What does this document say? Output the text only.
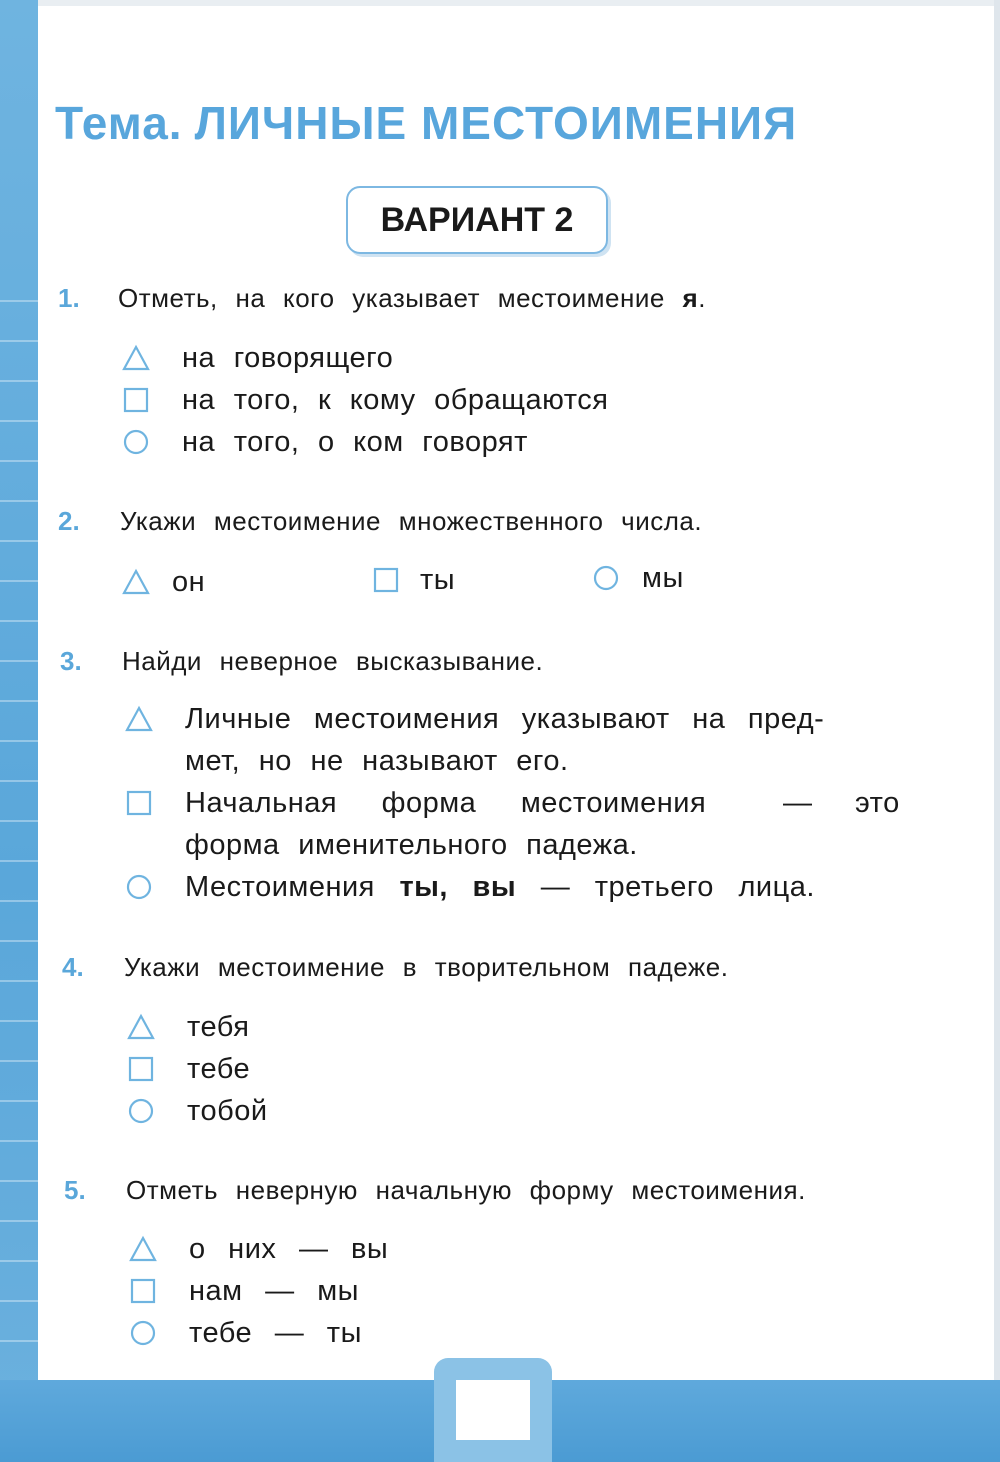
Тема. ЛИЧНЫЕ МЕСТОИМЕНИЯ
ВАРИАНТ 2
1. Отметь, на кого указывает местоимение я.
на говорящего
на того, к кому обращаются
на того, о ком говорят
2. Укажи местоимение множественного числа.
он	ты	мы
3. Найди неверное высказывание.
Личные местоимения указывают на пред-
мет, но не называют его.
Начальная форма местоимения	— это
форма именительного падежа.
Местоимения ты, вы — третьего лица.
4. Укажи местоимение в творительном падеже.
тебя
тебе
тобой
5. Отметь неверную начальную форму местоимения.
о них — вы
нам — мы
тебе — ты
